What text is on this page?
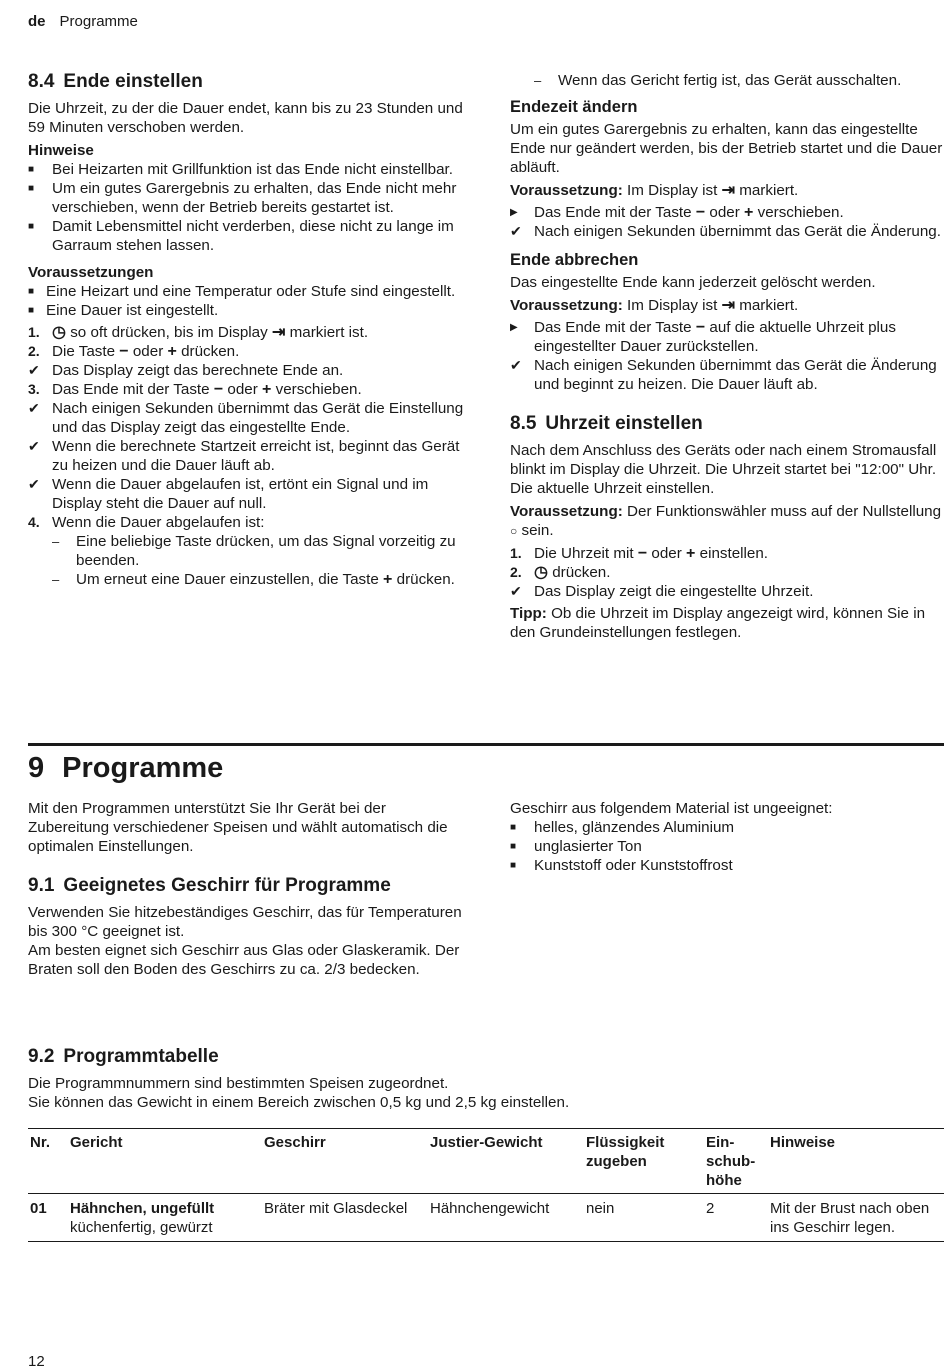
de Programme
8.4 Ende einstellen

Die Uhrzeit, zu der die Dauer endet, kann bis zu 23 Stunden und 59 Minuten verschoben werden.

Hinweise

■	Bei Heizarten mit Grillfunktion ist das Ende nicht einstellbar.
■	Um ein gutes Garergebnis zu erhalten, das Ende nicht mehr verschieben, wenn der Betrieb bereits gestartet ist.
■	Damit Lebensmittel nicht verderben, diese nicht zu lange im Garraum stehen lassen.

Voraussetzungen

■ Eine Heizart und eine Temperatur oder Stufe sind eingestellt.
■ Eine Dauer ist eingestellt.
1. ◷ so oft drücken, bis im Display ⇥ markiert ist.
2. Die Taste − oder + drücken.
✔ Das Display zeigt das berechnete Ende an.
3. Das Ende mit der Taste − oder + verschieben.
✔ Nach einigen Sekunden übernimmt das Gerät die Einstellung und das Display zeigt das eingestellte Ende.
✔ Wenn die berechnete Startzeit erreicht ist, beginnt das Gerät zu heizen und die Dauer läuft ab.
✔ Wenn die Dauer abgelaufen ist, ertönt ein Signal und im Display steht die Dauer auf null.
4. Wenn die Dauer abgelaufen ist:
–	Eine beliebige Taste drücken, um das Signal vorzeitig zu beenden.
–	Um erneut eine Dauer einzustellen, die Taste + drücken.
–	Wenn das Gericht fertig ist, das Gerät ausschalten.
Endezeit ändern

Um ein gutes Garergebnis zu erhalten, kann das eingestellte Ende nur geändert werden, bis der Betrieb startet und die Dauer abläuft.

Voraussetzung: Im Display ist ⇥ markiert.

▶	Das Ende mit der Taste − oder + verschieben.
✔ Nach einigen Sekunden übernimmt das Gerät die Änderung.
Ende abbrechen

Das eingestellte Ende kann jederzeit gelöscht werden.

Voraussetzung: Im Display ist ⇥ markiert.

▶	Das Ende mit der Taste − auf die aktuelle Uhrzeit plus eingestellter Dauer zurückstellen.
✔ Nach einigen Sekunden übernimmt das Gerät die Änderung und beginnt zu heizen. Die Dauer läuft ab.
8.5 Uhrzeit einstellen

Nach dem Anschluss des Geräts oder nach einem Stromausfall blinkt im Display die Uhrzeit. Die Uhrzeit startet bei "12:00" Uhr. Die aktuelle Uhrzeit einstellen.

Voraussetzung: Der Funktionswähler muss auf der Nullstellung ○ sein.

1. Die Uhrzeit mit − oder + einstellen.
2. ◷ drücken.
✔ Das Display zeigt die eingestellte Uhrzeit.

Tipp: Ob die Uhrzeit im Display angezeigt wird, können Sie in den Grundeinstellungen festlegen.

9 Programme

Mit den Programmen unterstützt Sie Ihr Gerät bei der Zubereitung verschiedener Speisen und wählt automatisch die optimalen Einstellungen.

9.1 Geeignetes Geschirr für Programme

Verwenden Sie hitzebeständiges Geschirr, das für Temperaturen bis 300 °C geeignet ist.

Am besten eignet sich Geschirr aus Glas oder Glaskeramik. Der Braten soll den Boden des Geschirrs zu ca. 2/3 bedecken.

Geschirr aus folgendem Material ist ungeeignet:

■	helles, glänzendes Aluminium
■	unglasierter Ton
■	Kunststoff oder Kunststoffrost
9.2 Programmtabelle

Die Programmnummern sind bestimmten Speisen zugeordnet.

Sie können das Gewicht in einem Bereich zwischen 0,5 kg und 2,5 kg einstellen.

Nr.	Gericht	Geschirr	Justier-Gewicht	Flüssigkeit zugeben	Einschubhöhe	Hinweise
01	Hähnchen, ungefüllt
küchenfertig, gewürzt	Bräter mit Glasdeckel	Hähnchengewicht	nein	2	Mit der Brust nach oben ins Geschirr legen.
12
